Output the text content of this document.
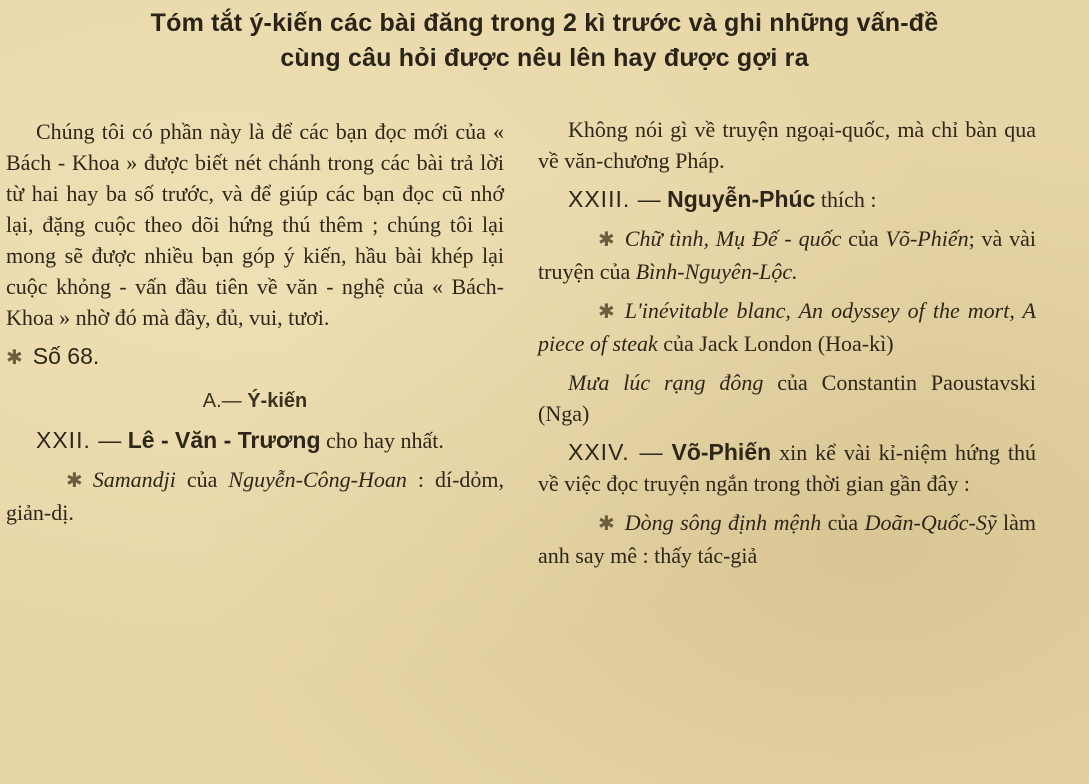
Tóm tắt ý-kiến các bài đăng trong 2 kì trước và ghi những vấn-đề
cùng câu hỏi được nêu lên hay được gợi ra

Chúng tôi có phần này là để các bạn đọc mới của « Bách - Khoa » được biết nét chánh trong các bài trả lời từ hai hay ba số trước, và để giúp các bạn đọc cũ nhớ lại, đặng cuộc theo dõi hứng thú thêm ; chúng tôi lại mong sẽ được nhiều bạn góp ý kiến, hầu bài khép lại cuộc khỏng - vấn đầu tiên về văn - nghệ của « Bách-Khoa » nhờ đó mà đầy, đủ, vui, tươi.

✱ Số 68.
A.— Ý-kiến

XXII. — Lê - Văn - Trương cho hay nhất.

✱ Samandji của Nguyễn-Công-Hoan : dí-dỏm, giản-dị.

Không nói gì về truyện ngoại-quốc, mà chỉ bàn qua về văn-chương Pháp.

XXIII. — Nguyễn-Phúc thích :

✱ Chữ tình, Mụ Đế - quốc của Võ-Phiến; và vài truyện của Bình-Nguyên-Lộc.

✱ L'inévitable blanc, An odyssey of the mort, A piece of steak của Jack London (Hoa-kì)

Mưa lúc rạng đông của Constantin Paoustavski (Nga)

XXIV. — Võ-Phiến xin kể vài kỉ-niệm hứng thú về việc đọc truyện ngắn trong thời gian gần đây :

✱ Dòng sông định mệnh của Doãn-Quốc-Sỹ làm anh say mê : thấy tác-giả
